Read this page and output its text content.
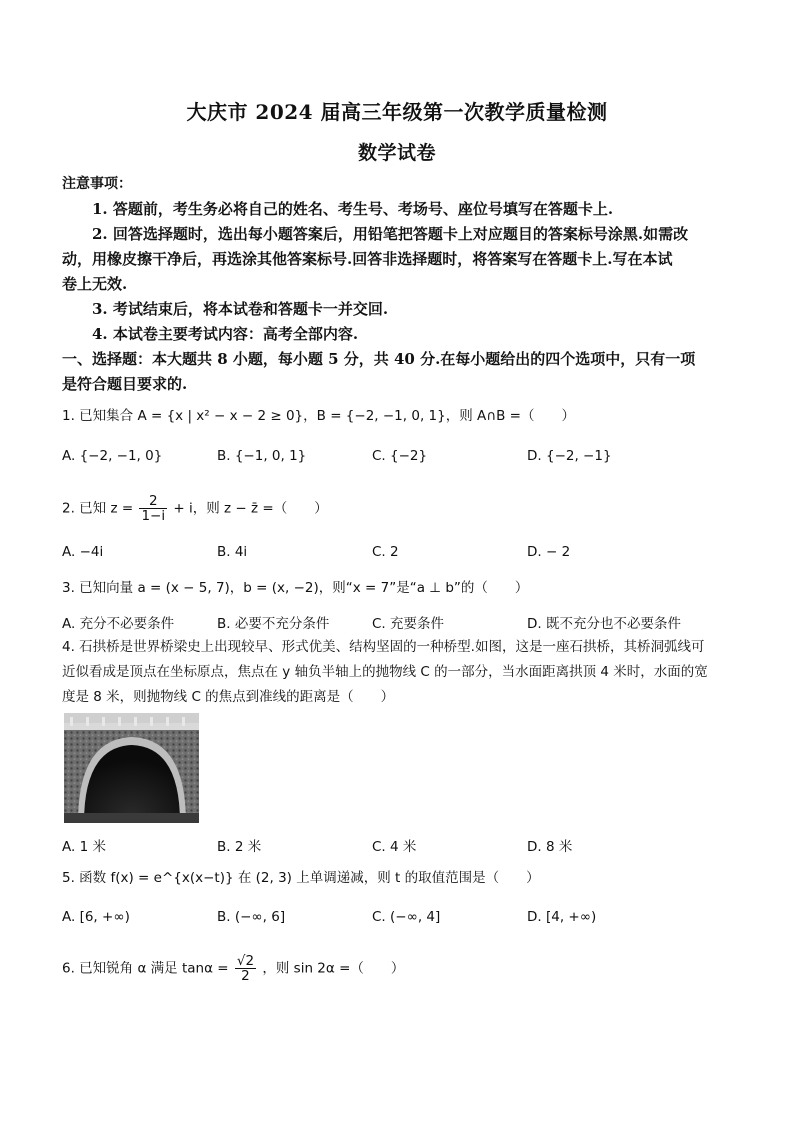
大庆市 2024 届高三年级第一次教学质量检测
数学试卷
注意事项：
1. 答题前，考生务必将自己的姓名、考生号、考场号、座位号填写在答题卡上.
2. 回答选择题时，选出每小题答案后，用铅笔把答题卡上对应题目的答案标号涂黑.如需改
动，用橡皮擦干净后，再选涂其他答案标号.回答非选择题时，将答案写在答题卡上.写在本试
卷上无效.
3. 考试结束后，将本试卷和答题卡一并交回.
4. 本试卷主要考试内容：高考全部内容.
一、选择题：本大题共 8 小题，每小题 5 分，共 40 分.在每小题给出的四个选项中，只有一项
是符合题目要求的.
1. 已知集合 A = {x | x² − x − 2 ≥ 0}，B = {−2, −1, 0, 1}，则 A∩B =（　　）
A. {−2, −1, 0}	B. {−1, 0, 1}	C. {−2}	D. {−2, −1}
2. 已知 $z = \frac{2}{1-i} + i$，则 z − z̄ =（　　）
A. −4i	B. 4i	C. 2	D. − 2
3. 已知向量 a = (x − 5, 7)，b = (x, −2)，则“x = 7”是“a ⊥ b”的（　　）
A. 充分不必要条件	B. 必要不充分条件	C. 充要条件	D. 既不充分也不必要条件
4. 石拱桥是世界桥梁史上出现较早、形式优美、结构坚固的一种桥型.如图，这是一座石拱桥，其桥洞弧线可
近似看成是顶点在坐标原点，焦点在 y 轴负半轴上的抛物线 C 的一部分，当水面距离拱顶 4 米时，水面的宽
度是 8 米，则抛物线 C 的焦点到准线的距离是（　　）
A. 1 米	B. 2 米	C. 4 米	D. 8 米
5. 函数 f(x) = e^{x(x−t)} 在 (2, 3) 上单调递减，则 t 的取值范围是（　　）
A. [6, +∞)	B. (−∞, 6]	C. (−∞, 4]	D. [4, +∞)
6. 已知锐角 α 满足 $\tan\alpha = \frac{√2}{2}$ ，则 sin 2α =（　　）
